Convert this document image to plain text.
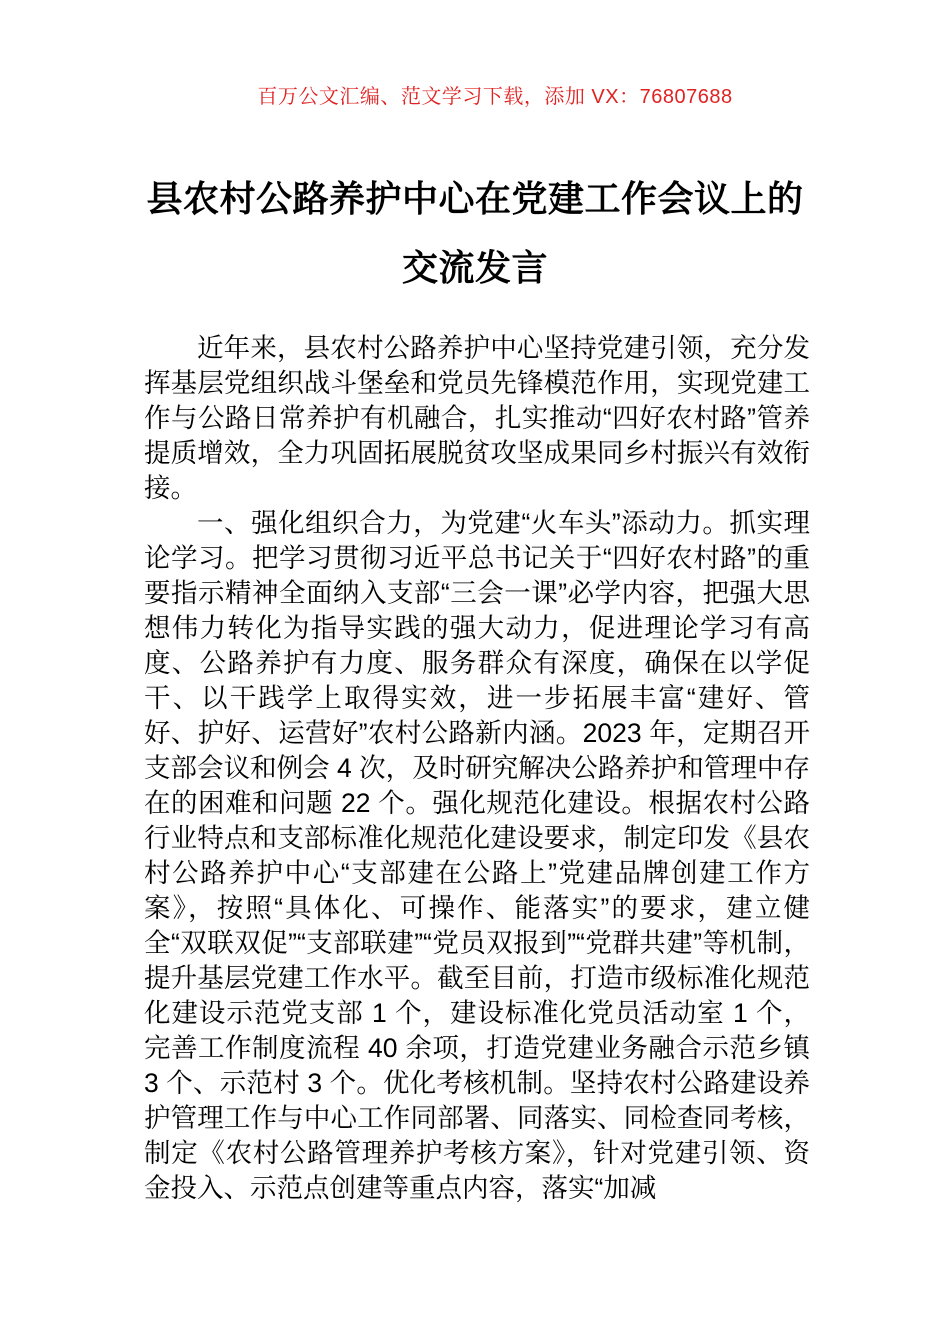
百万公文汇编、范文学习下载，添加 VX：76807688
县农村公路养护中心在党建工作会议上的
交流发言

近年来，县农村公路养护中心坚持党建引领，充分发挥基层党组织战斗堡垒和党员先锋模范作用，实现党建工作与公路日常养护有机融合，扎实推动“四好农村路”管养提质增效，全力巩固拓展脱贫攻坚成果同乡村振兴有效衔接。

一、强化组织合力，为党建“火车头”添动力。抓实理论学习。把学习贯彻习近平总书记关于“四好农村路”的重要指示精神全面纳入支部“三会一课”必学内容，把强大思想伟力转化为指导实践的强大动力，促进理论学习有高度、公路养护有力度、服务群众有深度，确保在以学促干、以干践学上取得实效，进一步拓展丰富“建好、管好、护好、运营好”农村公路新内涵。2023 年，定期召开支部会议和例会 4 次，及时研究解决公路养护和管理中存在的困难和问题 22 个。强化规范化建设。根据农村公路行业特点和支部标准化规范化建设要求，制定印发《县农村公路养护中心“支部建在公路上”党建品牌创建工作方案》，按照“具体化、可操作、能落实”的要求，建立健全“双联双促”“支部联建”“党员双报到”“党群共建”等机制，提升基层党建工作水平。截至目前，打造市级标准化规范化建设示范党支部 1 个，建设标准化党员活动室 1 个，完善工作制度流程 40 余项，打造党建业务融合示范乡镇 3 个、示范村 3 个。优化考核机制。坚持农村公路建设养护管理工作与中心工作同部署、同落实、同检查同考核，制定《农村公路管理养护考核方案》，针对党建引领、资金投入、示范点创建等重点内容，落实“加减
